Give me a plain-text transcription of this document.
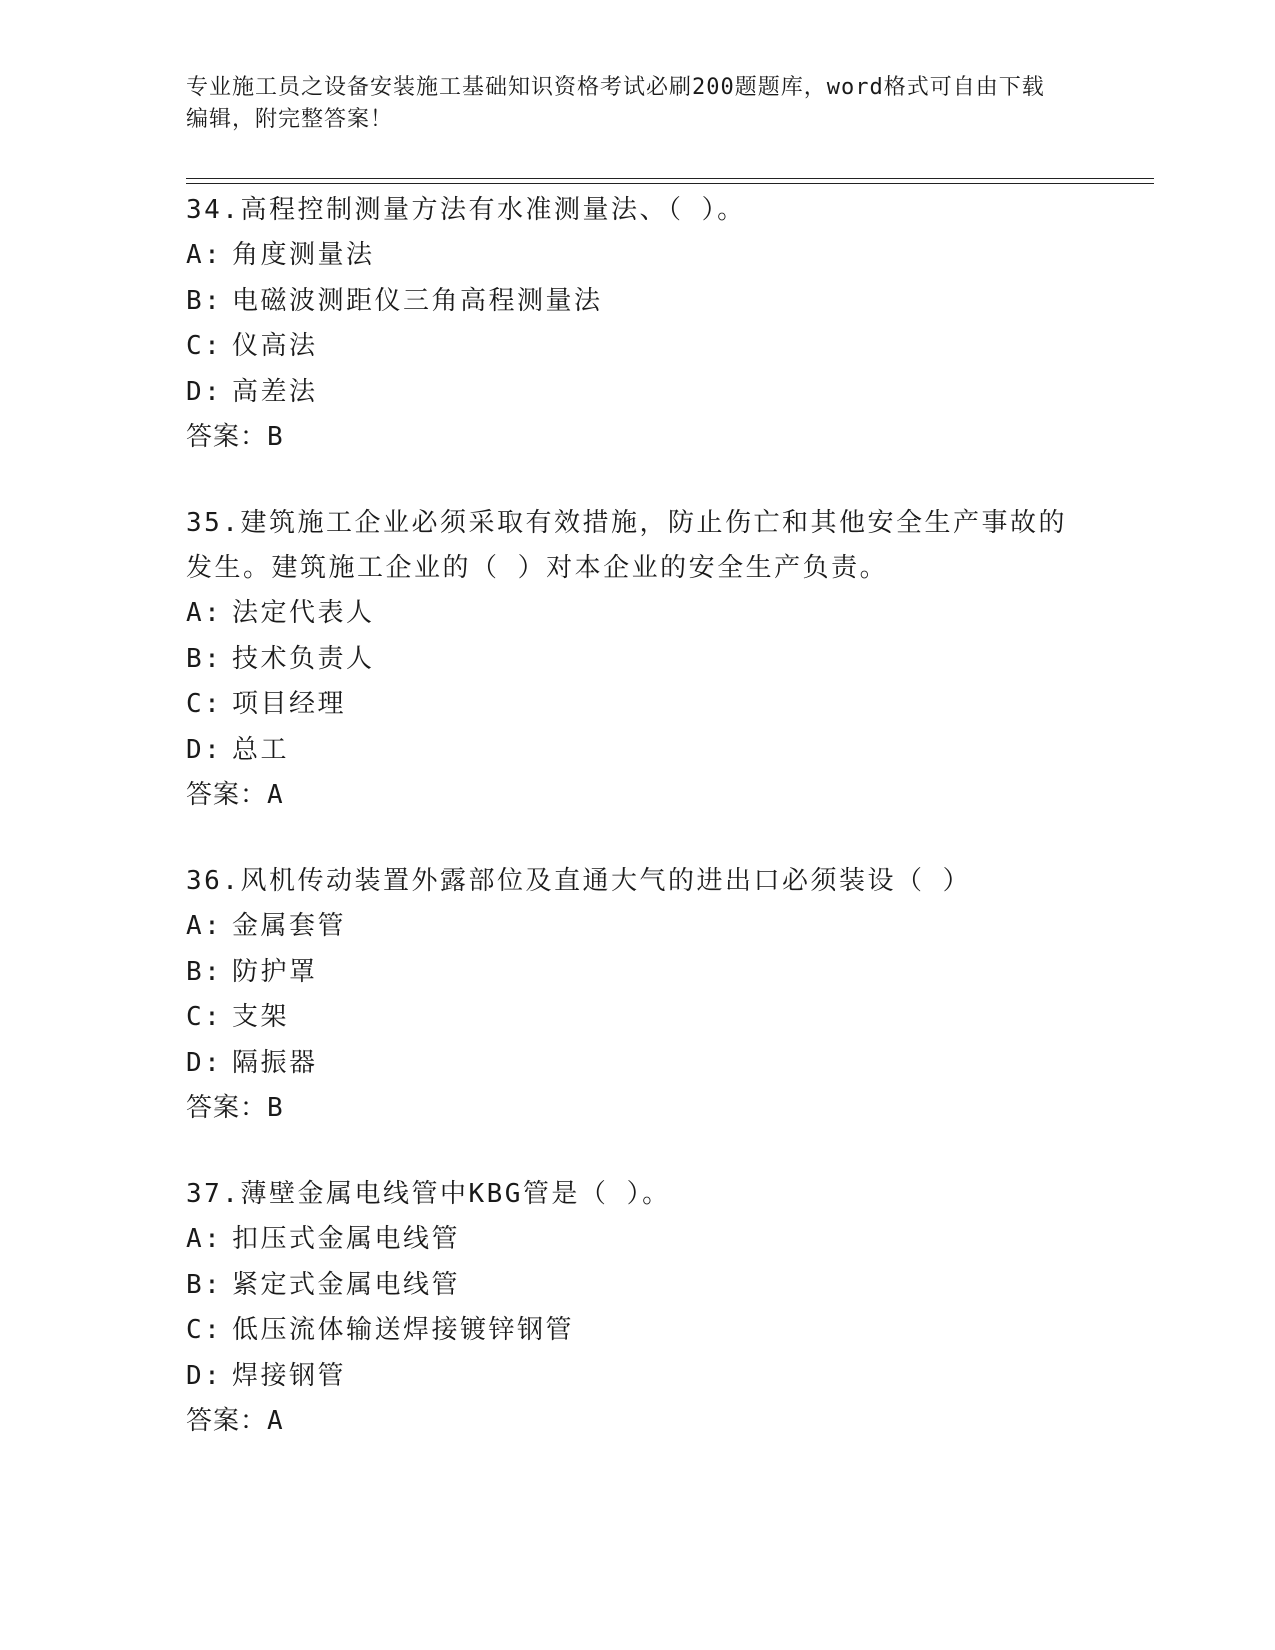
专业施工员之设备安装施工基础知识资格考试必刷200题题库，word格式可自由下载编辑，附完整答案！

34.高程控制测量方法有水准测量法、（ ）。

A: 角度测量法

B: 电磁波测距仪三角高程测量法

C: 仪高法

D: 高差法

答案：B

35.建筑施工企业必须采取有效措施，防止伤亡和其他安全生产事故的发生。建筑施工企业的（ ）对本企业的安全生产负责。

A: 法定代表人

B: 技术负责人

C: 项目经理

D: 总工

答案：A

36.风机传动装置外露部位及直通大气的进出口必须装设（ ）

A: 金属套管

B: 防护罩

C: 支架

D: 隔振器

答案：B

37.薄壁金属电线管中KBG管是（ ）。

A: 扣压式金属电线管

B: 紧定式金属电线管

C: 低压流体输送焊接镀锌钢管

D: 焊接钢管

答案：A
